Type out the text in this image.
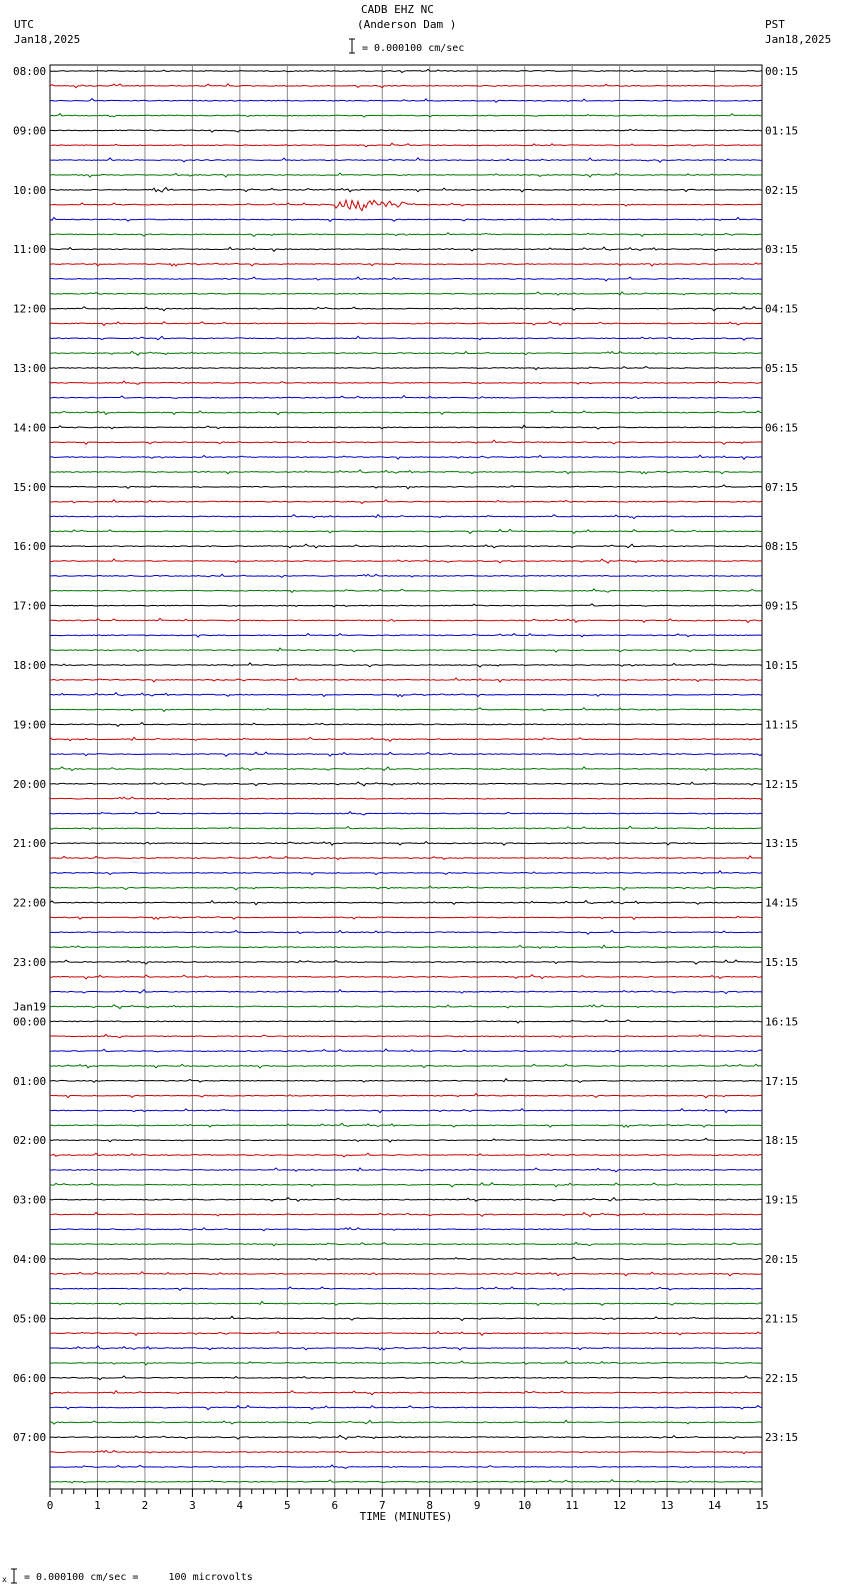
CADB EHZ NC
(Anderson Dam )
UTC
Jan18,2025
PST
Jan18,2025
= 0.000100 cm/sec
08:00
09:00
10:00
11:00
12:00
13:00
14:00
15:00
16:00
17:00
18:00
19:00
20:00
21:00
22:00
23:00
00:00
Jan19
01:00
02:00
03:00
04:00
05:00
06:00
07:00
00:15
01:15
02:15
03:15
04:15
05:15
06:15
07:15
08:15
09:15
10:15
11:15
12:15
13:15
14:15
15:15
16:15
17:15
18:15
19:15
20:15
21:15
22:15
23:15
0	1	2	3	4	5	6	7	8	9	10	11	12	13	14	15
TIME (MINUTES)
x = 0.000100 cm/sec =     100 microvolts
